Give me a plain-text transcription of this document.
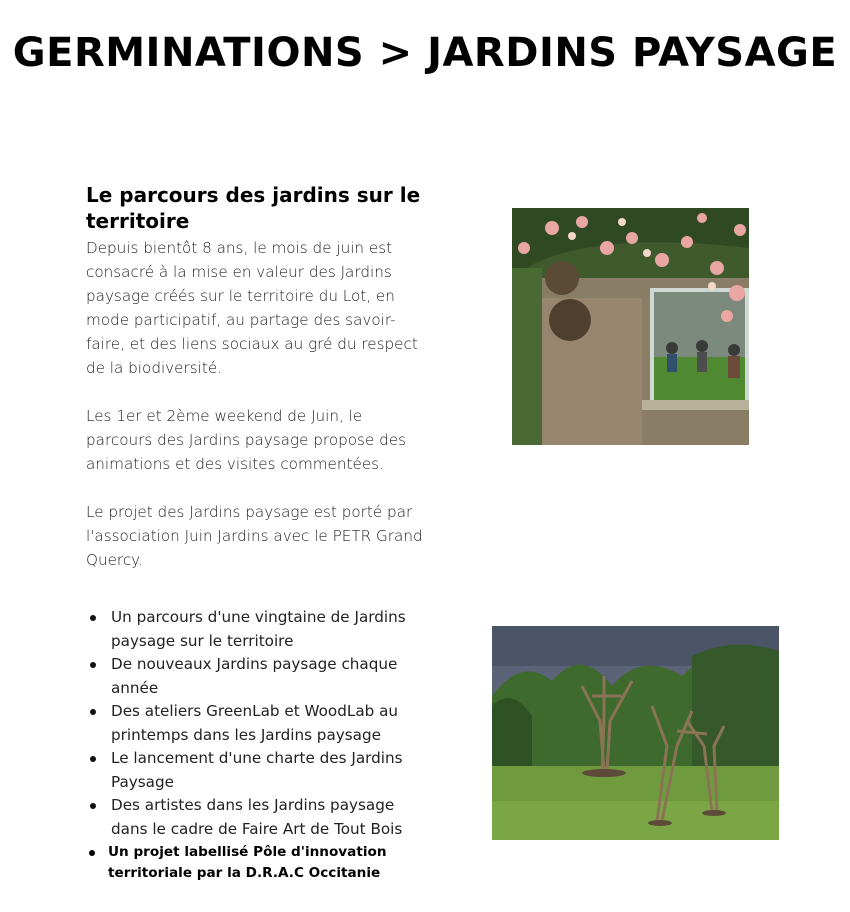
GERMINATIONS > JARDINS PAYSAGE
Le parcours des jardins sur le territoire

Depuis bientôt 8 ans, le mois de juin est consacré à la mise en valeur des Jardins paysage créés sur le territoire du Lot, en mode participatif, au partage des savoir-faire, et des liens sociaux au gré du respect de la biodiversité.

Les 1er et 2ème weekend de Juin, le parcours des Jardins paysage propose des animations et des visites commentées.

Le projet des Jardins paysage est porté par l'association Juin Jardins avec le PETR Grand Quercy.

Un parcours d'une vingtaine de Jardins paysage sur le territoire
De nouveaux Jardins paysage chaque année
Des ateliers GreenLab et WoodLab au printemps dans les Jardins paysage
Le lancement d'une charte des Jardins Paysage
Des artistes dans les Jardins paysage dans le cadre de Faire Art de Tout Bois
Un projet labellisé Pôle d'innovation territoriale par la D.R.A.C Occitanie
